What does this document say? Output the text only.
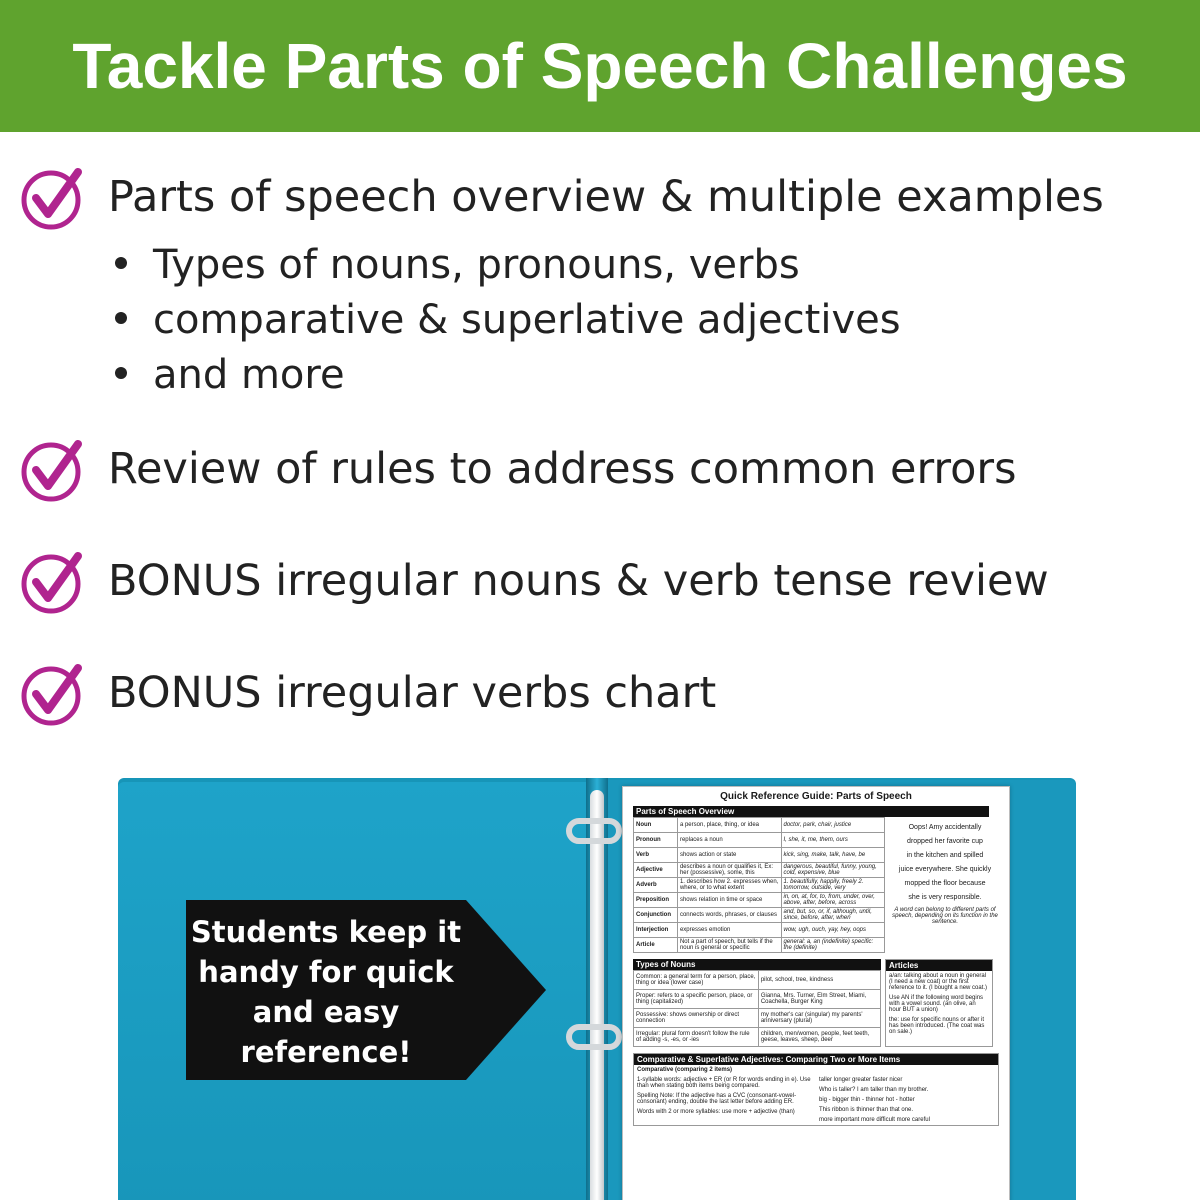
Tackle Parts of Speech Challenges
Parts of speech overview & multiple examples
Types of nouns, pronouns, verbs
comparative & superlative adjectives
and more
Review of rules to address common errors
BONUS irregular nouns & verb tense review
BONUS irregular verbs chart
Quick Reference Guide: Parts of Speech
Parts of Speech Overview
Noun	a person, place, thing, or idea	doctor, park, chair, justice
Pronoun	replaces a noun	I, she, it, me, them, ours
Verb	shows action or state	kick, sing, make, talk, have, be
Adjective	describes a noun or qualifies it, Ex: her (possessive), some, this	dangerous, beautiful, funny, young, cold, expensive, blue
Adverb	1. describes how 2. expresses when, where, or to what extent	1. beautifully, happily, freely 2. tomorrow, outside, very
Preposition	shows relation in time or space	in, on, at, for, to, from, under, over, above, after, before, across
Conjunction	connects words, phrases, or clauses	and, but, so, or, if, although, until, since, before, after, when
Interjection	expresses emotion	wow, ugh, ouch, yay, hey, oops
Article	Not a part of speech, but tells if the noun is general or specific	general: a, an (indefinite) specific: the (definite)
Oops! Amy accidentally
dropped her favorite cup
in the kitchen and spilled
juice everywhere. She quickly
mopped the floor because
she is very responsible.
A word can belong to different parts of speech, depending on its function in the sentence.
Types of Nouns
Common: a general term for a person, place, thing or idea (lower case)	pilot, school, tree, kindness
Proper: refers to a specific person, place, or thing (capitalized)	Gianna, Mrs. Turner, Elm Street, Miami, Coachella, Burger King
Possessive: shows ownership or direct connection	my mother's car (singular) my parents' anniversary (plural)
Irregular: plural form doesn't follow the rule of adding -s, -es, or -ies	children, men/women, people, feet teeth, geese, leaves, sheep, deer
Articles

a/an: talking about a noun in general (I need a new coat) or the first reference to it. (I bought a new coat.)

Use AN if the following word begins with a vowel sound. (an olive, an hour BUT a union)

the: use for specific nouns or after it has been introduced. (The coat was on sale.)

Comparative & Superlative Adjectives: Comparing Two or More Items

Comparative (comparing 2 items)

1-syllable words: adjective + ER (or R for words ending in e). Use than when stating both items being compared.

Spelling Note: If the adjective has a CVC (consonant-vowel-consonant) ending, double the last letter before adding ER.

Words with 2 or more syllables: use more + adjective (than)

taller longer greater faster nicer

Who is taller? I am taller than my brother.

big - bigger thin - thinner hot - hotter

This ribbon is thinner than that one.

more important more difficult more careful

Students keep it
handy for quick
and easy
reference!
